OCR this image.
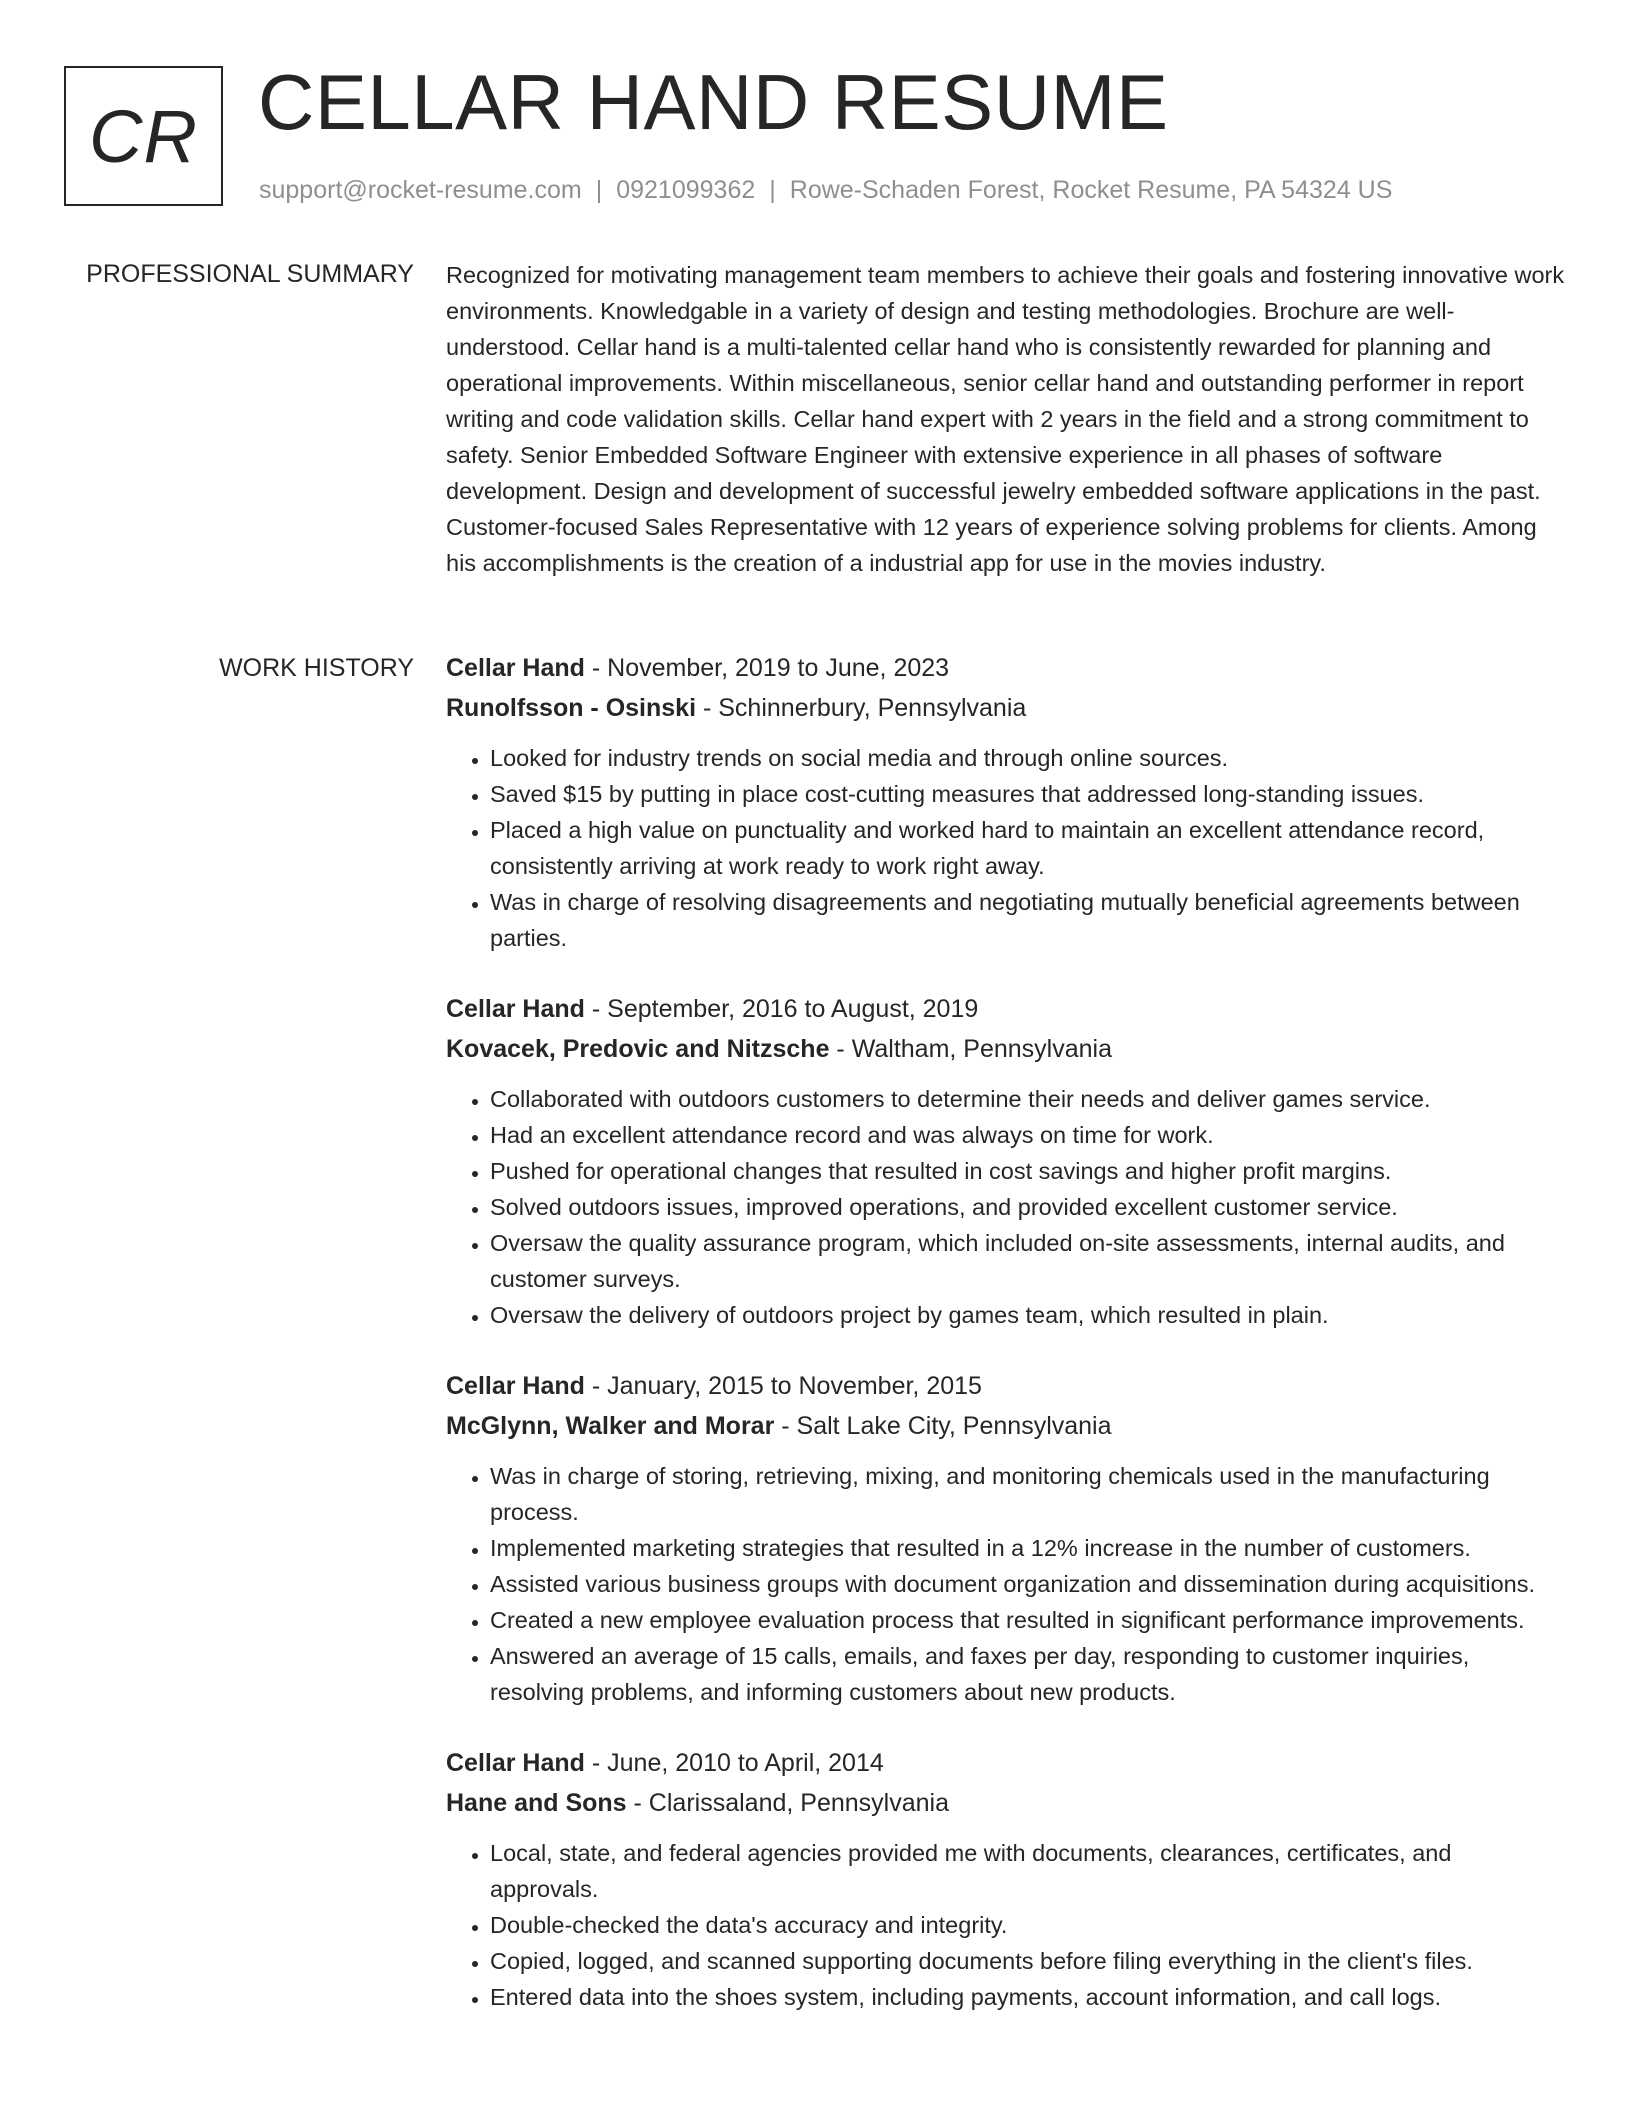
CR CELLAR HAND RESUME
support@rocket-resume.com | 0921099362 | Rowe-Schaden Forest, Rocket Resume, PA 54324 US
PROFESSIONAL SUMMARY Recognized for motivating management team members to achieve their goals and fostering innovative work environments. Knowledgable in a variety of design and testing methodologies. Brochure are well-understood. Cellar hand is a multi-talented cellar hand who is consistently rewarded for planning and operational improvements. Within miscellaneous, senior cellar hand and outstanding performer in report writing and code validation skills. Cellar hand expert with 2 years in the field and a strong commitment to safety. Senior Embedded Software Engineer with extensive experience in all phases of software development. Design and development of successful jewelry embedded software applications in the past. Customer-focused Sales Representative with 12 years of experience solving problems for clients. Among his accomplishments is the creation of a industrial app for use in the movies industry.

WORK HISTORY Cellar Hand - November, 2019 to June, 2023

Runolfsson - Osinski - Schinnerbury, Pennsylvania

• Looked for industry trends on social media and through online sources.
• Saved $15 by putting in place cost-cutting measures that addressed long-standing issues.
• Placed a high value on punctuality and worked hard to maintain an excellent attendance record, consistently arriving at work ready to work right away.
• Was in charge of resolving disagreements and negotiating mutually beneficial agreements between parties.

Cellar Hand - September, 2016 to August, 2019

Kovacek, Predovic and Nitzsche - Waltham, Pennsylvania

• Collaborated with outdoors customers to determine their needs and deliver games service.
• Had an excellent attendance record and was always on time for work.
• Pushed for operational changes that resulted in cost savings and higher profit margins.
• Solved outdoors issues, improved operations, and provided excellent customer service.
• Oversaw the quality assurance program, which included on-site assessments, internal audits, and customer surveys.
• Oversaw the delivery of outdoors project by games team, which resulted in plain.

Cellar Hand - January, 2015 to November, 2015

McGlynn, Walker and Morar - Salt Lake City, Pennsylvania

• Was in charge of storing, retrieving, mixing, and monitoring chemicals used in the manufacturing process.
• Implemented marketing strategies that resulted in a 12% increase in the number of customers.
• Assisted various business groups with document organization and dissemination during acquisitions.
• Created a new employee evaluation process that resulted in significant performance improvements.
• Answered an average of 15 calls, emails, and faxes per day, responding to customer inquiries, resolving problems, and informing customers about new products.

Cellar Hand - June, 2010 to April, 2014

Hane and Sons - Clarissaland, Pennsylvania

• Local, state, and federal agencies provided me with documents, clearances, certificates, and approvals.
• Double-checked the data's accuracy and integrity.
• Copied, logged, and scanned supporting documents before filing everything in the client's files.
• Entered data into the shoes system, including payments, account information, and call logs.
